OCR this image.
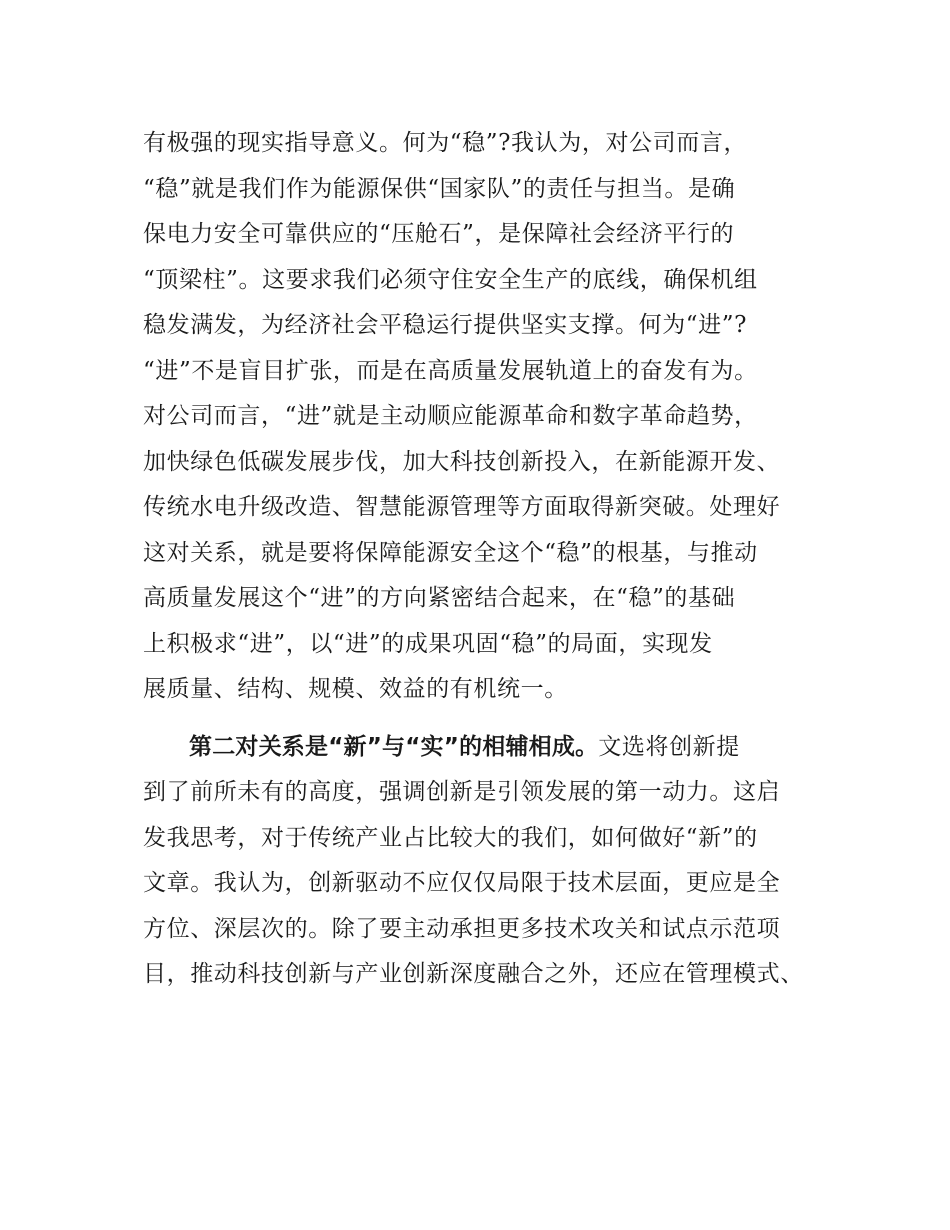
有极强的现实指导意义。何为“稳”?我认为，对公司而言，
“稳”就是我们作为能源保供“国家队”的责任与担当。是确
保电力安全可靠供应的“压舱石”，是保障社会经济平行的
“顶梁柱”。这要求我们必须守住安全生产的底线，确保机组
稳发满发，为经济社会平稳运行提供坚实支撑。何为“进”?
“进”不是盲目扩张，而是在高质量发展轨道上的奋发有为。
对公司而言，“进”就是主动顺应能源革命和数字革命趋势，
加快绿色低碳发展步伐，加大科技创新投入，在新能源开发、
传统水电升级改造、智慧能源管理等方面取得新突破。处理好
这对关系，就是要将保障能源安全这个“稳”的根基，与推动
高质量发展这个“进”的方向紧密结合起来，在“稳”的基础
上积极求“进”，以“进”的成果巩固“稳”的局面，实现发
展质量、结构、规模、效益的有机统一。
第二对关系是“新”与“实”的相辅相成。文选将创新提
到了前所未有的高度，强调创新是引领发展的第一动力。这启
发我思考，对于传统产业占比较大的我们，如何做好“新”的
文章。我认为，创新驱动不应仅仅局限于技术层面，更应是全
方位、深层次的。除了要主动承担更多技术攻关和试点示范项
目，推动科技创新与产业创新深度融合之外，还应在管理模式、
